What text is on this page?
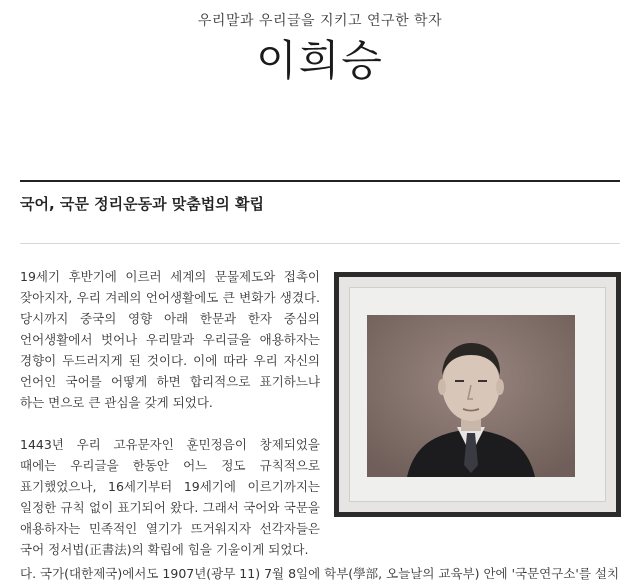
우리말과 우리글을 지키고 연구한 학자
이희승
국어, 국문 정리운동과 맞춤법의 확립
19세기 후반기에 이르러 세계의 문물제도와 접촉이 잦아지자, 우리 겨레의 언어생활에도 큰 변화가 생겼다. 당시까지 중국의 영향 아래 한문과 한자 중심의 언어생활에서 벗어나 우리말과 우리글을 애용하자는 경향이 두드러지게 된 것이다. 이에 따라 우리 자신의 언어인 국어를 어떻게 하면 합리적으로 표기하느냐 하는 면으로 큰 관심을 갖게 되었다.
1443년 우리 고유문자인 훈민정음이 창제되었을 때에는 우리글을 한동안 어느 정도 규칙적으로 표기했었으나, 16세기부터 19세기에 이르기까지는 일정한 규칙 없이 표기되어 왔다. 그래서 국어와 국문을 애용하자는 민족적인 열기가 뜨거워지자 선각자들은 국어 정서법(正書法)의 확립에 힘을 기울이게 되었다.
다. 국가(대한제국)에서도 1907년(광무 11) 7월 8일에 학부(學部, 오늘날의 교육부) 안에 '국문연구소'를 설치
